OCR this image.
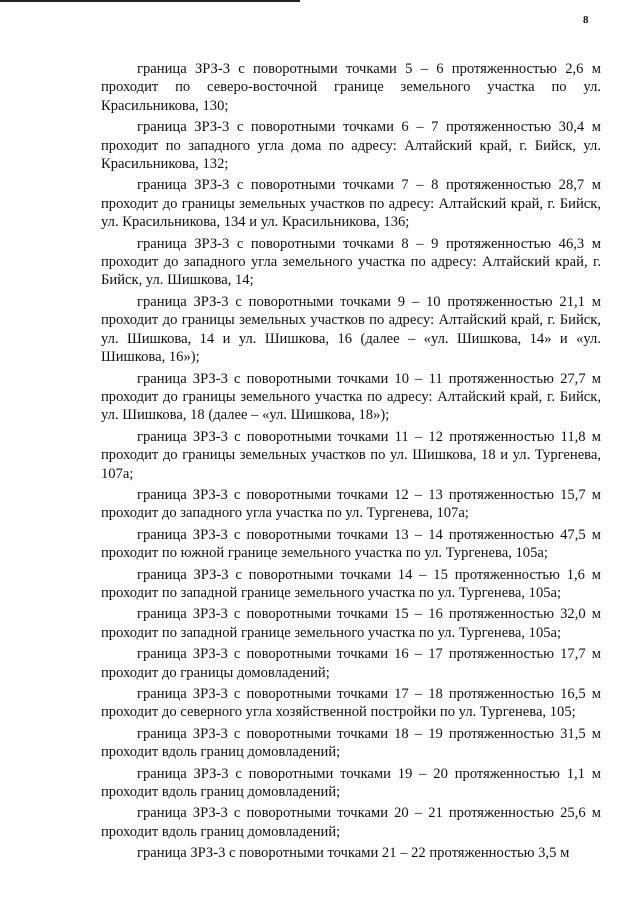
8

граница ЗРЗ-3 с поворотными точками 5 – 6 протяженностью 2,6 м проходит по северо-восточной границе земельного участка по ул. Красильникова, 130;

граница ЗРЗ-3 с поворотными точками 6 – 7 протяженностью 30,4 м проходит по западного угла дома по адресу: Алтайский край, г. Бийск, ул. Красильникова, 132;

граница ЗРЗ-3 с поворотными точками 7 – 8 протяженностью 28,7 м проходит до границы земельных участков по адресу: Алтайский край, г. Бийск, ул. Красильникова, 134 и ул. Красильникова, 136;

граница ЗРЗ-3 с поворотными точками 8 – 9 протяженностью 46,3 м проходит до западного угла земельного участка по адресу: Алтайский край, г. Бийск, ул. Шишкова, 14;

граница ЗРЗ-3 с поворотными точками 9 – 10 протяженностью 21,1 м проходит до границы земельных участков по адресу: Алтайский край, г. Бийск, ул. Шишкова, 14 и ул. Шишкова, 16 (далее – «ул. Шишкова, 14» и «ул. Шишкова, 16»);

граница ЗРЗ-3 с поворотными точками 10 – 11 протяженностью 27,7 м проходит до границы земельного участка по адресу: Алтайский край, г. Бийск, ул. Шишкова, 18 (далее – «ул. Шишкова, 18»);

граница ЗРЗ-3 с поворотными точками 11 – 12 протяженностью 11,8 м проходит до границы земельных участков по ул. Шишкова, 18 и ул. Тургенева, 107а;

граница ЗРЗ-3 с поворотными точками 12 – 13 протяженностью 15,7 м проходит до западного угла участка по ул. Тургенева, 107а;

граница ЗРЗ-3 с поворотными точками 13 – 14 протяженностью 47,5 м проходит по южной границе земельного участка по ул. Тургенева, 105а;

граница ЗРЗ-3 с поворотными точками 14 – 15 протяженностью 1,6 м проходит по западной границе земельного участка по ул. Тургенева, 105а;

граница ЗРЗ-3 с поворотными точками 15 – 16 протяженностью 32,0 м проходит по западной границе земельного участка по ул. Тургенева, 105а;

граница ЗРЗ-3 с поворотными точками 16 – 17 протяженностью 17,7 м проходит до границы домовладений;

граница ЗРЗ-3 с поворотными точками 17 – 18 протяженностью 16,5 м проходит до северного угла хозяйственной постройки по ул. Тургенева, 105;

граница ЗРЗ-3 с поворотными точками 18 – 19 протяженностью 31,5 м проходит вдоль границ домовладений;

граница ЗРЗ-3 с поворотными точками 19 – 20 протяженностью 1,1 м проходит вдоль границ домовладений;

граница ЗРЗ-3 с поворотными точками 20 – 21 протяженностью 25,6 м проходит вдоль границ домовладений;

граница ЗРЗ-3 с поворотными точками 21 – 22 протяженностью 3,5 м
